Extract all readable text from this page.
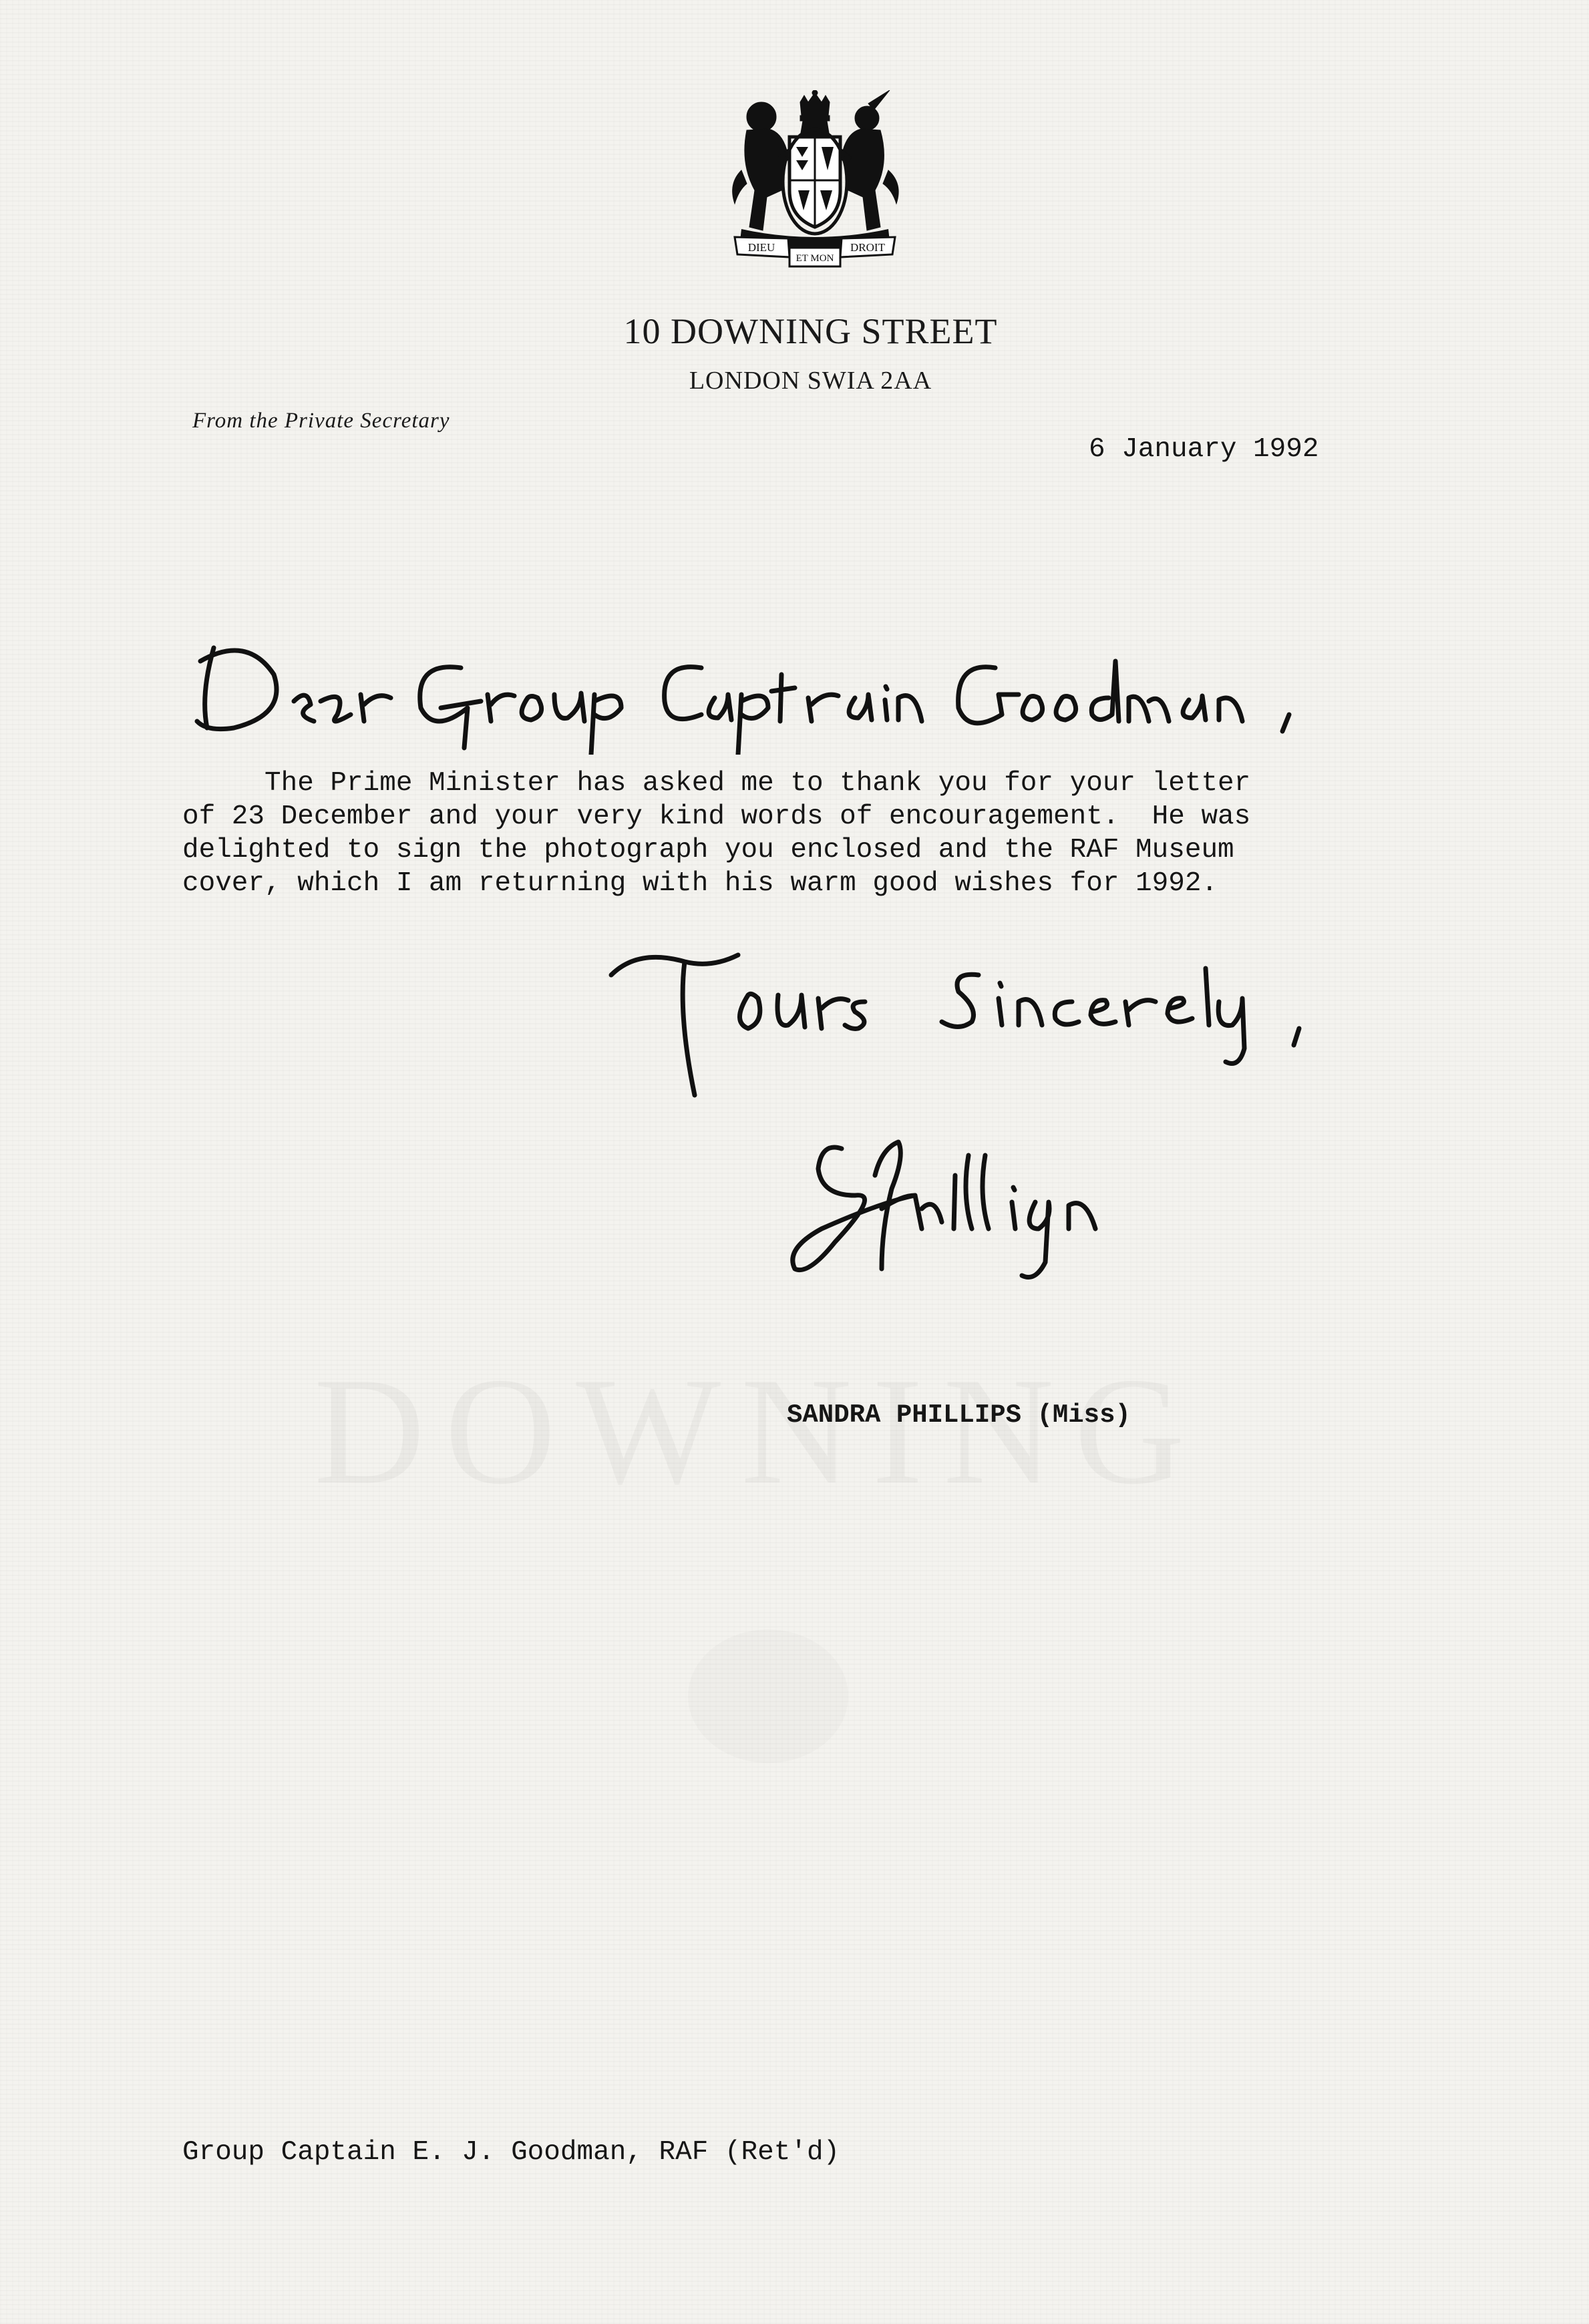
DIEU
ET MON
DROIT
10 DOWNING STREET
LONDON SWIA 2AA
From the Private Secretary
6 January 1992
The Prime Minister has asked me to thank you for your letter
of 23 December and your very kind words of encouragement.  He was
delighted to sign the photograph you enclosed and the RAF Museum
cover, which I am returning with his warm good wishes for 1992.
SANDRA PHILLIPS (Miss)
Group Captain E. J. Goodman, RAF (Ret'd)
